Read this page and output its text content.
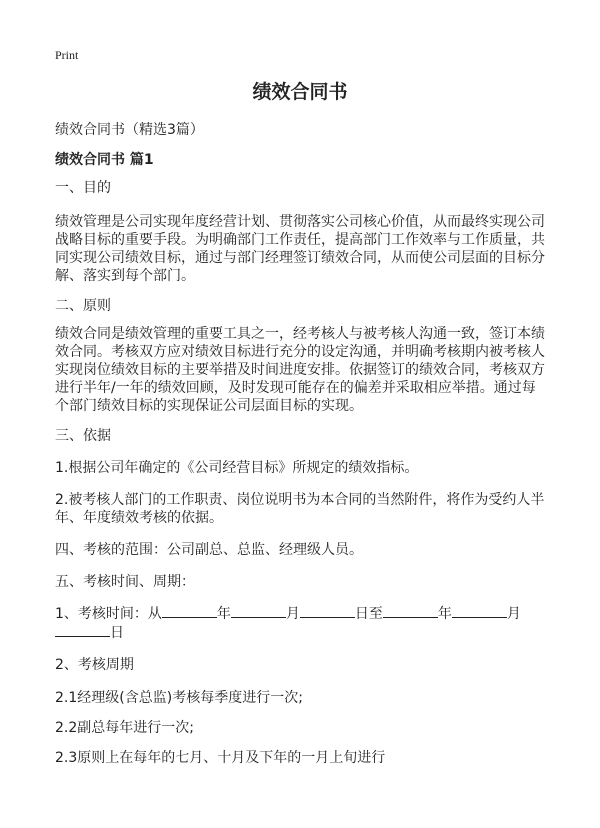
Print
绩效合同书
绩效合同书（精选3篇）
绩效合同书 篇1
一、目的
绩效管理是公司实现年度经营计划、贯彻落实公司核心价值，从而最终实现公司战略目标的重要手段。为明确部门工作责任，提高部门工作效率与工作质量，共同实现公司绩效目标，通过与部门经理签订绩效合同，从而使公司层面的目标分解、落实到每个部门。
二、原则
绩效合同是绩效管理的重要工具之一，经考核人与被考核人沟通一致，签订本绩效合同。考核双方应对绩效目标进行充分的设定沟通，并明确考核期内被考核人实现岗位绩效目标的主要举措及时间进度安排。依据签订的绩效合同，考核双方进行半年/一年的绩效回顾，及时发现可能存在的偏差并采取相应举措。通过每个部门绩效目标的实现保证公司层面目标的实现。
三、依据
1.根据公司年确定的《公司经营目标》所规定的绩效指标。
2.被考核人部门的工作职责、岗位说明书为本合同的当然附件，将作为受约人半年、年度绩效考核的依据。
四、考核的范围：公司副总、总监、经理级人员。
五、考核时间、周期：
1、考核时间：从	年	月	日至	年	月
日
2、考核周期
2.1经理级(含总监)考核每季度进行一次;
2.2副总每年进行一次;
2.3原则上在每年的七月、十月及下年的一月上旬进行
